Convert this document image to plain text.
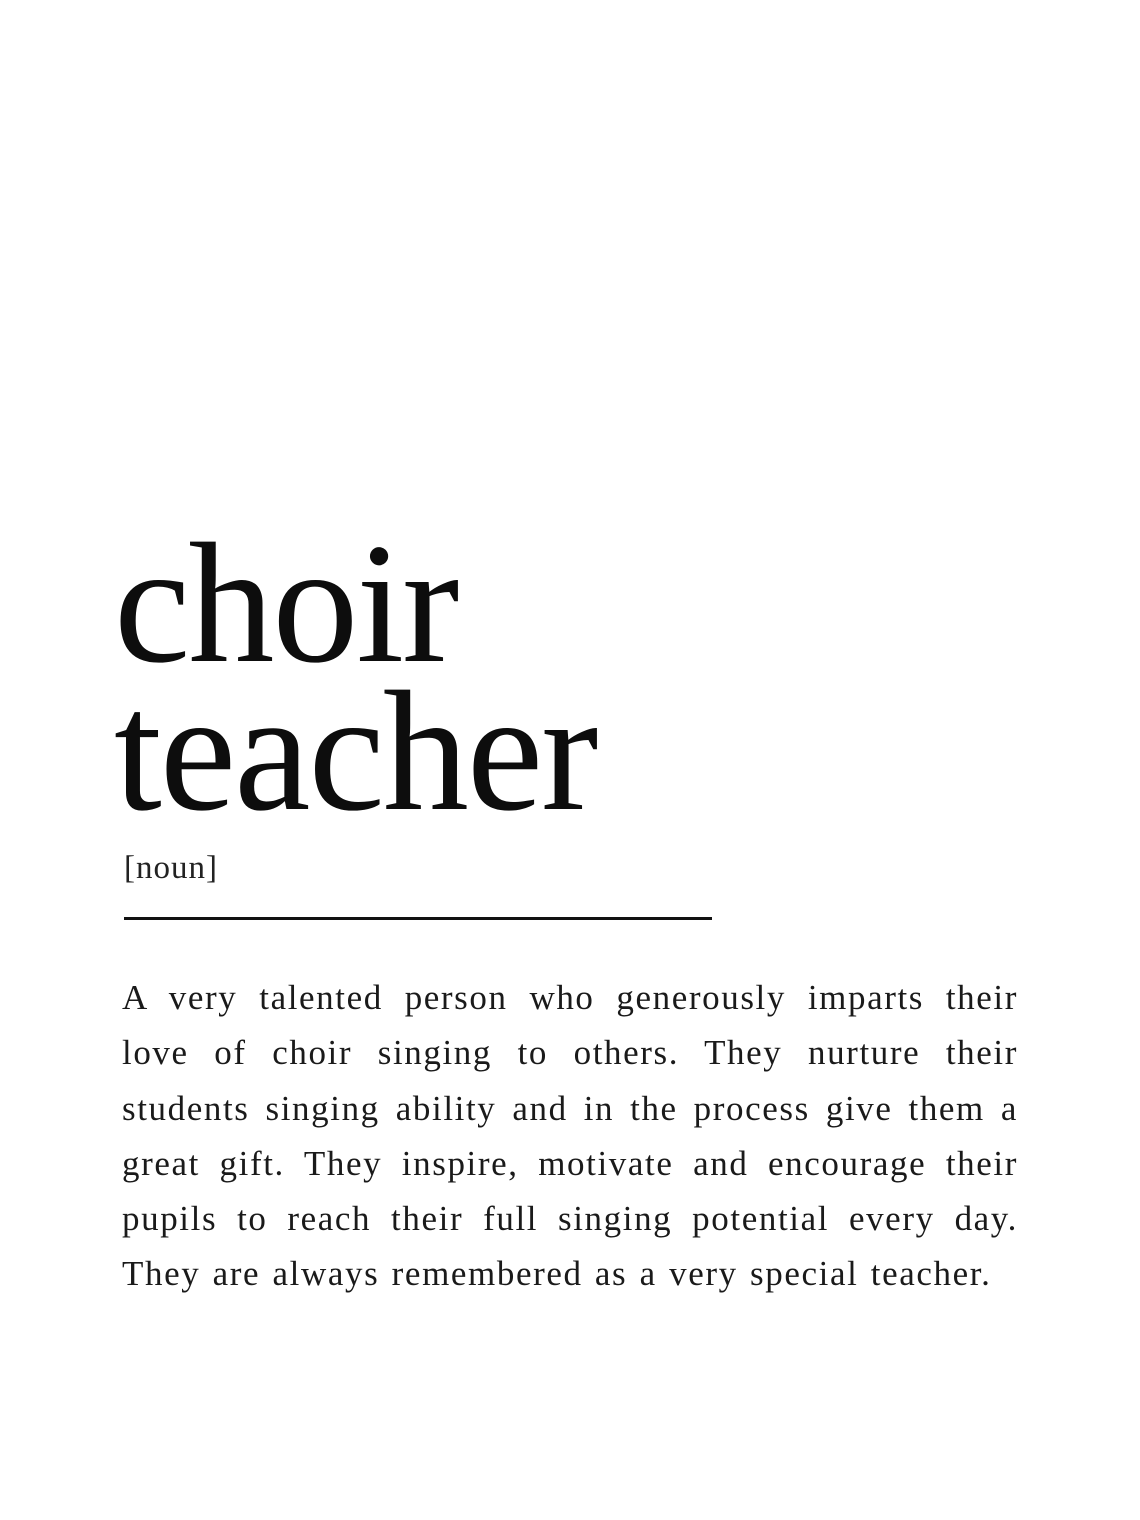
choir
teacher
[noun]

A very talented person who generously imparts their love of choir singing to others. They nurture their students singing ability and in the process give them a great gift. They inspire, motivate and encourage their pupils to reach their full singing potential every day. They are always remembered as a very special teacher.
